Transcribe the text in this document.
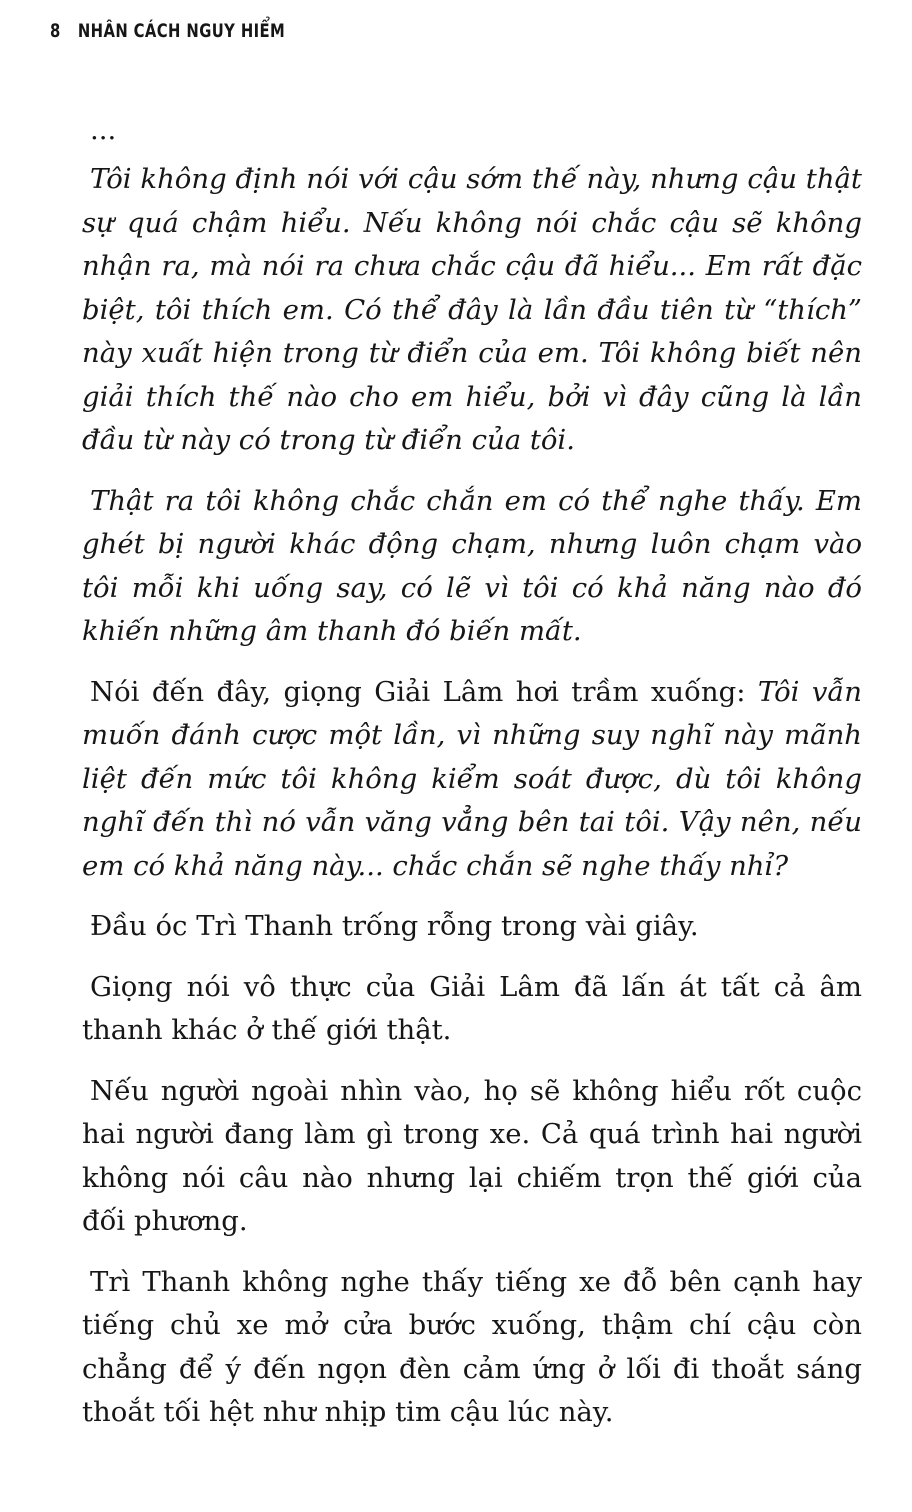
8 NHÂN CÁCH NGUY HIỂM

...

Tôi không định nói với cậu sớm thế này, nhưng cậu thật sự quá chậm hiểu. Nếu không nói chắc cậu sẽ không nhận ra, mà nói ra chưa chắc cậu đã hiểu... Em rất đặc biệt, tôi thích em. Có thể đây là lần đầu tiên từ “thích” này xuất hiện trong từ điển của em. Tôi không biết nên giải thích thế nào cho em hiểu, bởi vì đây cũng là lần đầu từ này có trong từ điển của tôi.

Thật ra tôi không chắc chắn em có thể nghe thấy. Em ghét bị người khác động chạm, nhưng luôn chạm vào tôi mỗi khi uống say, có lẽ vì tôi có khả năng nào đó khiến những âm thanh đó biến mất.

Nói đến đây, giọng Giải Lâm hơi trầm xuống: Tôi vẫn muốn đánh cược một lần, vì những suy nghĩ này mãnh liệt đến mức tôi không kiểm soát được, dù tôi không nghĩ đến thì nó vẫn văng vẳng bên tai tôi. Vậy nên, nếu em có khả năng này... chắc chắn sẽ nghe thấy nhỉ?

Đầu óc Trì Thanh trống rỗng trong vài giây.

Giọng nói vô thực của Giải Lâm đã lấn át tất cả âm thanh khác ở thế giới thật.

Nếu người ngoài nhìn vào, họ sẽ không hiểu rốt cuộc hai người đang làm gì trong xe. Cả quá trình hai người không nói câu nào nhưng lại chiếm trọn thế giới của đối phương.

Trì Thanh không nghe thấy tiếng xe đỗ bên cạnh hay tiếng chủ xe mở cửa bước xuống, thậm chí cậu còn chẳng để ý đến ngọn đèn cảm ứng ở lối đi thoắt sáng thoắt tối hệt như nhịp tim cậu lúc này.
